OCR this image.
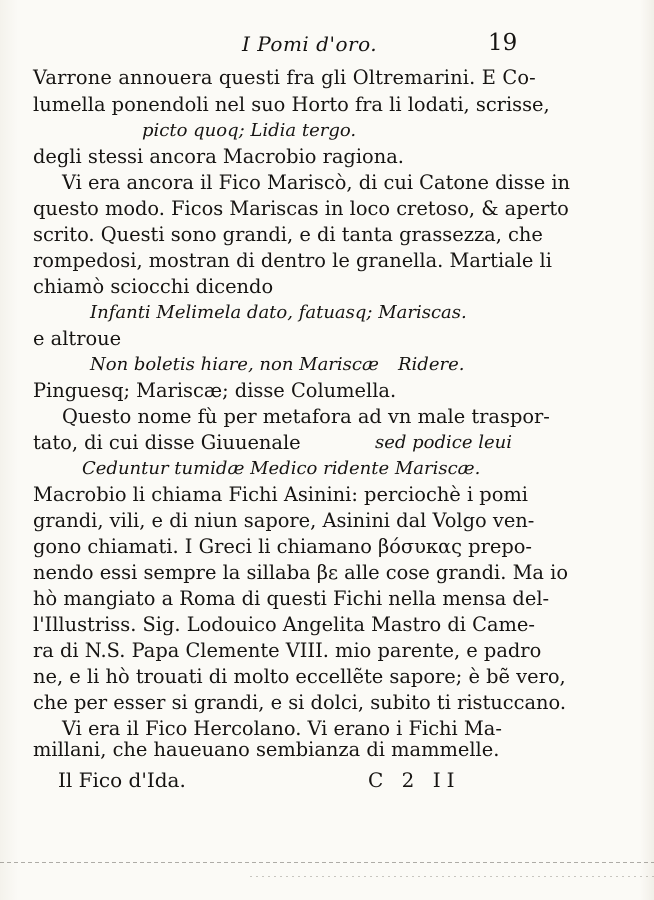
I Pomi d'oro.	19
Varrone annouera questi fra gli Oltremarini. E Co-
lumella ponendoli nel suo Horto fra li lodati, scrisse,
picto quoq; Lidia tergo.
degli stessi ancora Macrobio ragiona.
Vi era ancora il Fico Mariscò, di cui Catone disse in
questo modo. Ficos Mariscas in loco cretoso, & aperto
scrito. Questi sono grandi, e di tanta grassezza, che
rompedosi, mostran di dentro le granella. Martiale li
chiamò sciocchi dicendo
Infanti Melimela dato, fatuasq; Mariscas.
e altroue
Non boletis hiare, non Mariscæ Ridere.
Pinguesq; Mariscæ; disse Columella.
Questo nome fù per metafora ad vn male traspor-
tato, di cui disse Giuuenale	sed podice leui
Ceduntur tumidæ Medico ridente Mariscæ.
Macrobio li chiama Fichi Asinini: perciochè i pomi
grandi, vili, e di niun sapore, Asinini dal Volgo ven-
gono chiamati. I Greci li chiamano βόσυκας prepo-
nendo essi sempre la sillaba βε alle cose grandi. Ma io
hò mangiato a Roma di questi Fichi nella mensa del-
l'Illustriss. Sig. Lodouico Angelita Mastro di Came-
ra di N.S. Papa Clemente VIII. mio parente, e padro
ne, e li hò trouati di molto eccellẽte sapore; è bẽ vero,
che per esser si grandi, e si dolci, subito ti ristuccano.
Vi era il Fico Hercolano. Vi erano i Fichi Ma-
millani, che haueuano sembianza di mammelle.
Il Fico d'Ida.	C 2 II
